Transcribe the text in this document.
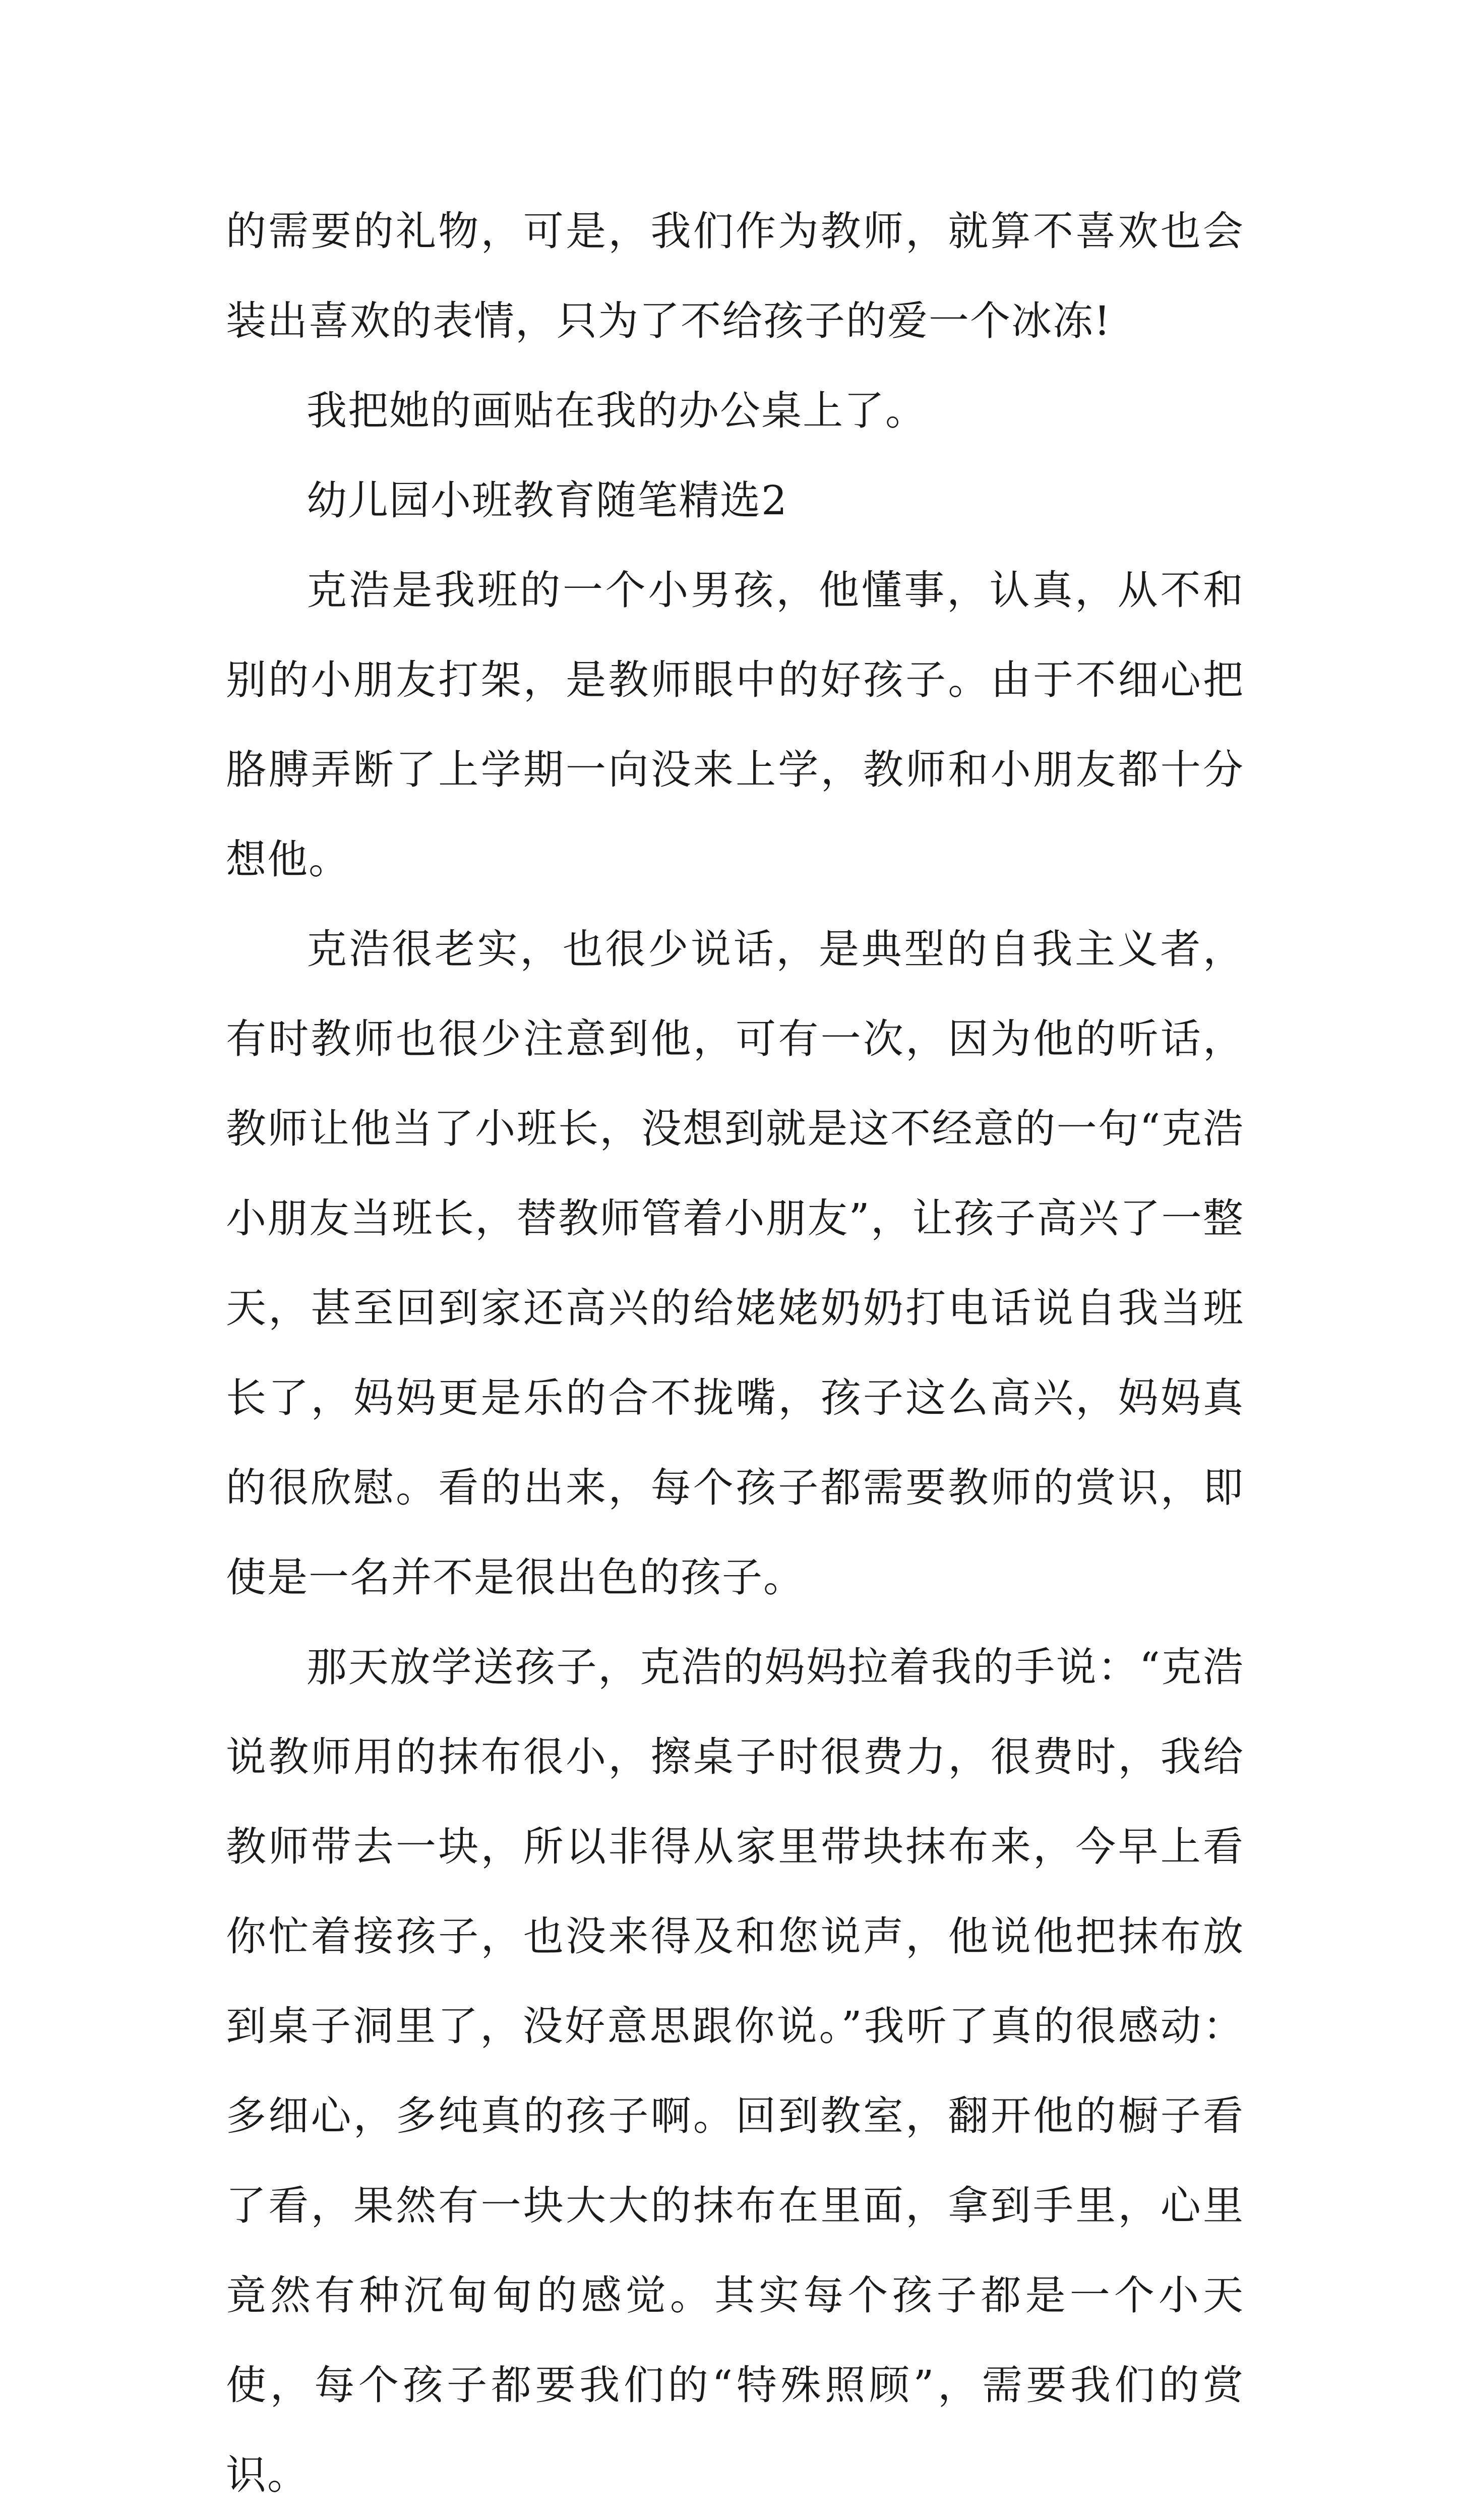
的需要的礼物，可是，我们作为教师，就算不喜欢也会装出喜欢的表情，只为了不给孩子的爱一个冰冻!

我把她的画贴在我的办公桌上了。

幼儿园小班教育随笔精选2

克浩是我班的一个小男孩，他懂事，认真，从不和别的小朋友打架，是教师眼中的好孩子。由于不细心把胳膊弄断了上学期一向没来上学，教师和小朋友都十分想他。

克浩很老实，也很少说话，是典型的自我主义者，有时教师也很少注意到他，可有一次，因为他的听话，教师让他当了小班长，没想到就是这不经意的一句“克浩小朋友当班长，替教师管着小朋友”，让孩子高兴了一整天，甚至回到家还高兴的给姥姥奶奶打电话说自我当班长了，妈妈更是乐的合不拢嘴，孩子这么高兴，妈妈真的很欣慰。看的出来，每个孩子都需要教师的赏识，即使是一名并不是很出色的孩子。

那天放学送孩子，克浩的妈妈拉着我的手说：“克浩说教师用的抹布很小，擦桌子时很费力，很费时，我给教师带去一块，所以非得从家里带块抹布来，今早上看你忙着接孩子，也没来得及和您说声，他说他把抹布放到桌子洞里了，没好意思跟你说。”我听了真的很感动：多细心，多纯真的孩子啊。回到教室，翻开他的橱子看了看，果然有一块大大的抹布在里面，拿到手里，心里竟然有种沉甸甸的感觉。其实每个孩子都是一个小天使，每个孩子都要我们的“特殊照顾”，需要我们的赏识。
